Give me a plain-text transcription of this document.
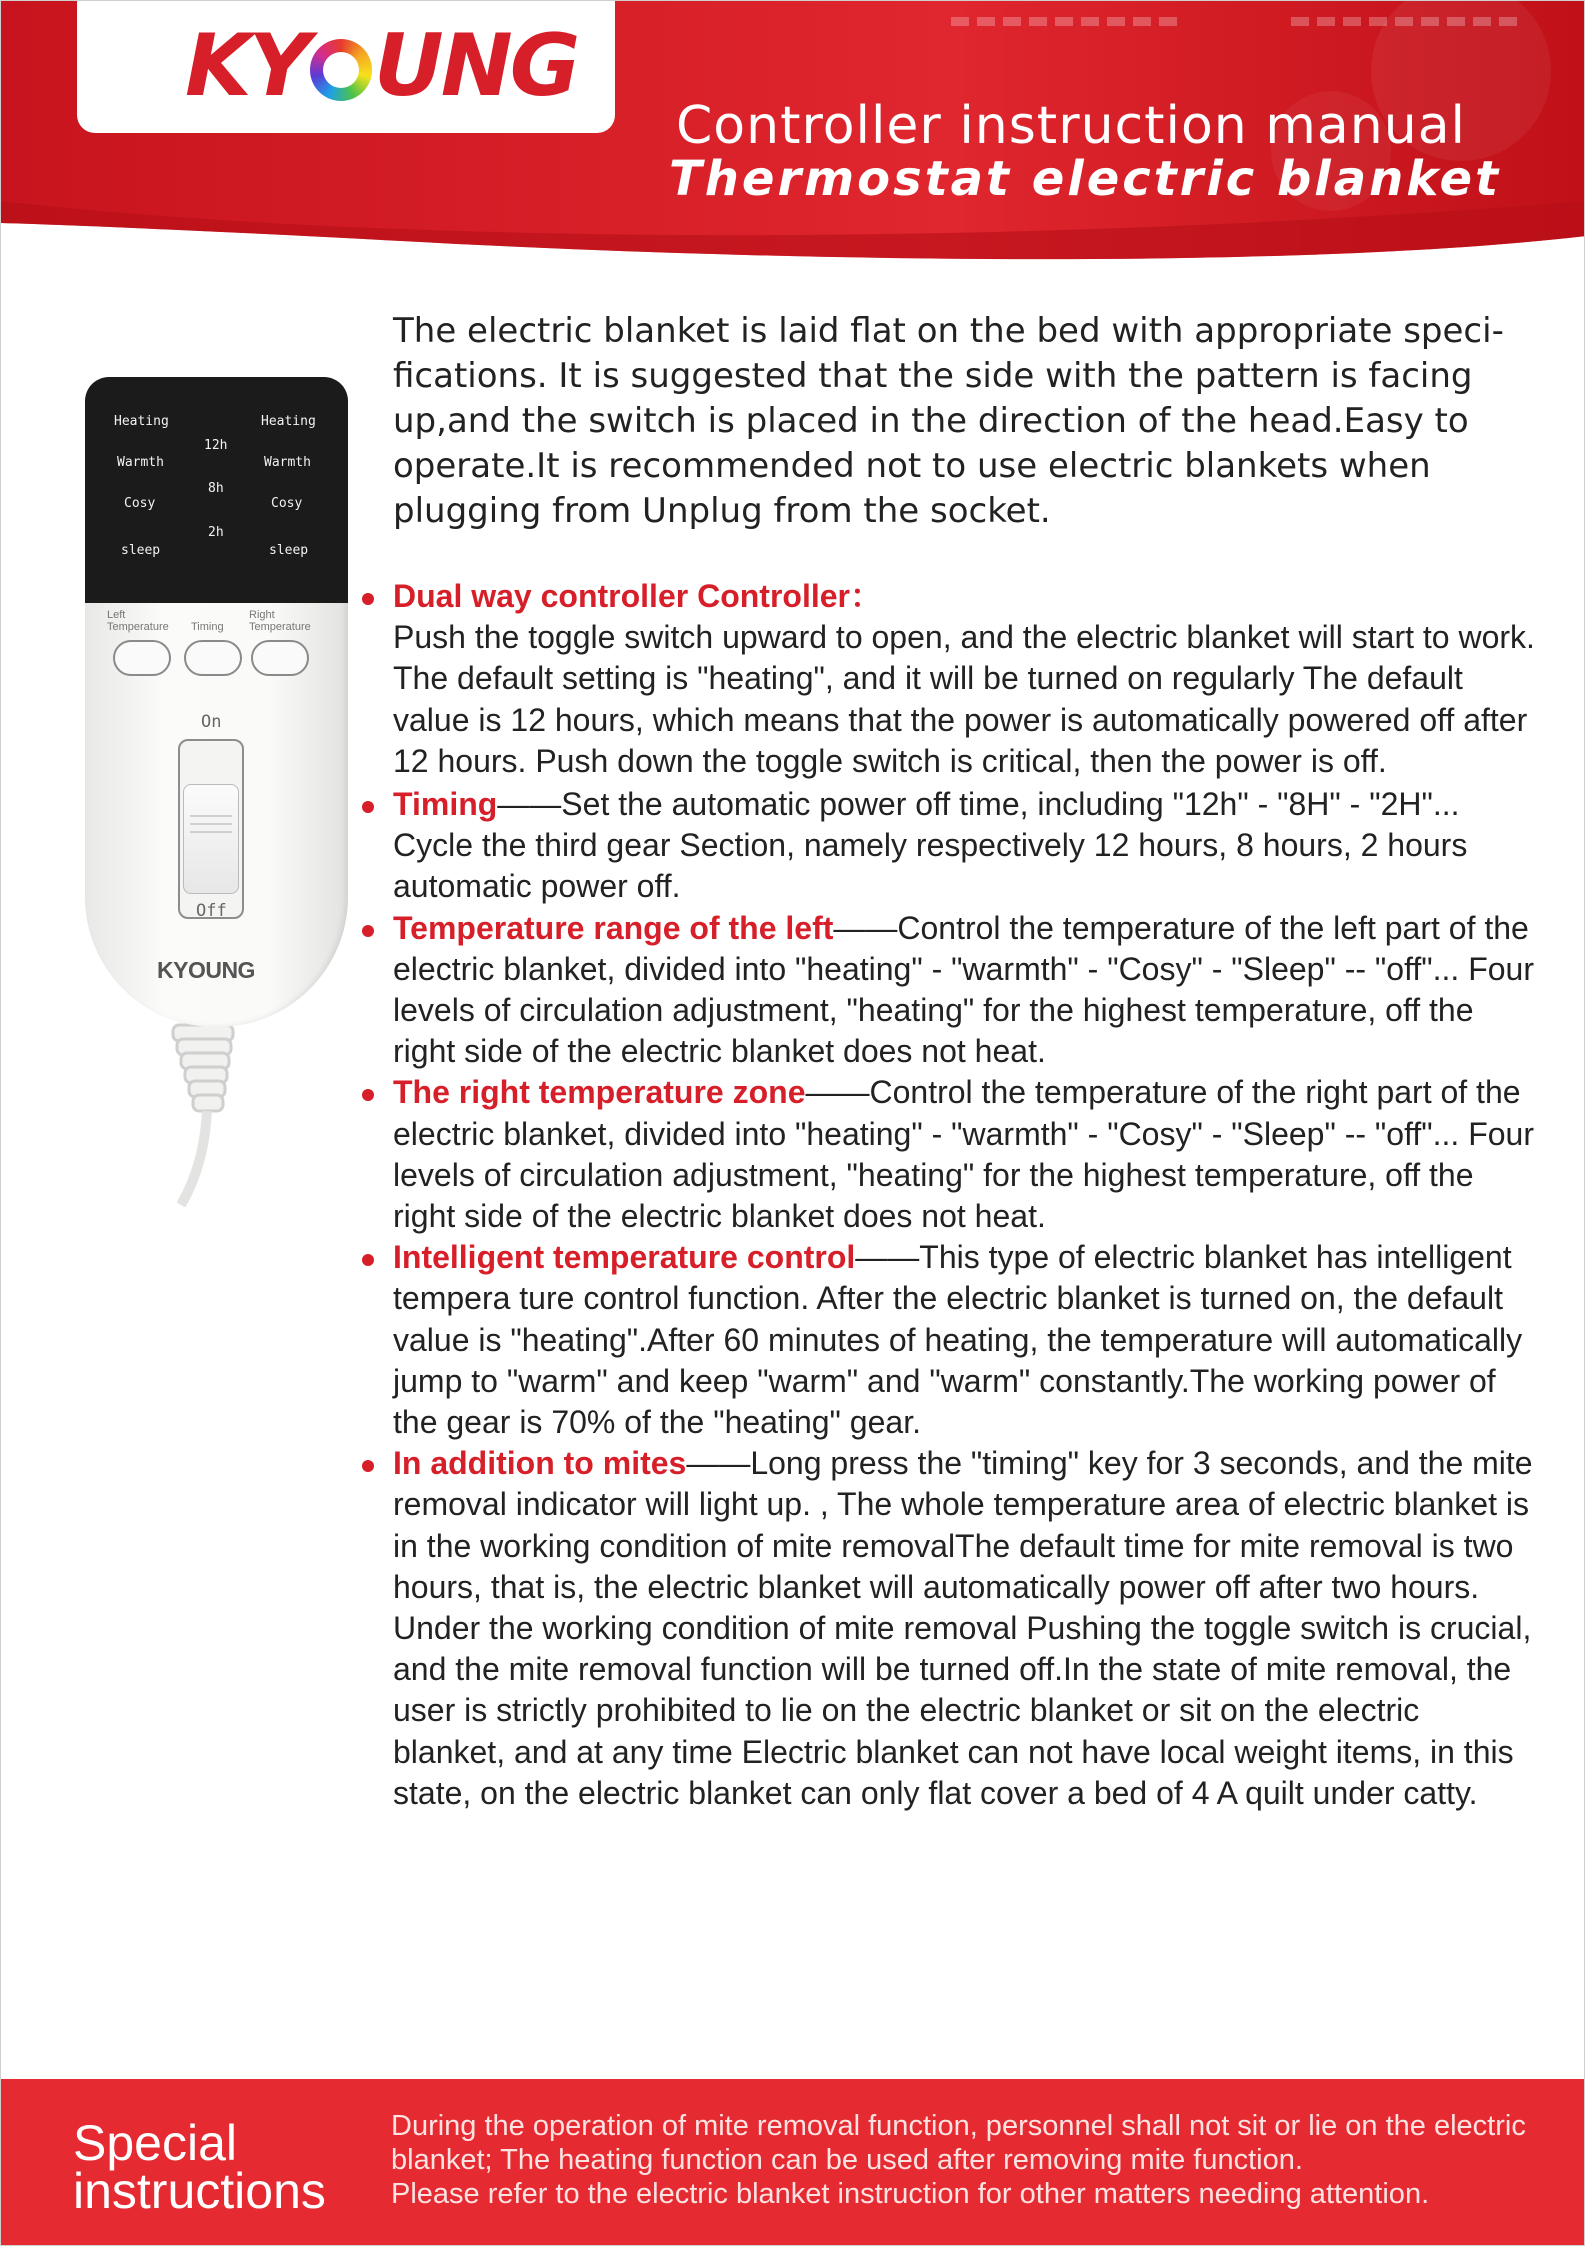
KY UNG
Controller instruction manual
Thermostat electric blanket
The electric blanket is laid flat on the bed with appropriate speci-fications. It is suggested that the side with the pattern is facing up,and the switch is placed in the direction of the head.Easy to operate.It is recommended not to use electric blankets when plugging from Unplug from the socket.
Heating
Warmth
Cosy
sleep
12h
8h
2h
Heating
Warmth
Cosy
sleep
Left Temperature Timing
Right Temperature
On
Off
KYOUNG
Dual way controller Controller：
Push the toggle switch upward to open, and the electric blanket will start to work. The default setting is "heating", and it will be turned on regularly The default value is 12 hours, which means that the power is automatically powered off after 12 hours. Push down the toggle switch is critical, then the power is off.
Timing——Set the automatic power off time, including "12h" - "8H" - "2H"... Cycle the third gear Section, namely respectively 12 hours, 8 hours, 2 hours automatic power off.
Temperature range of the left——Control the temperature of the left part of the electric blanket, divided into "heating" - "warmth" - "Cosy" - "Sleep" -- "off"... Four levels of circulation adjustment, "heating" for the highest temperature, off the right side of the electric blanket does not heat.
The right temperature zone——Control the temperature of the right part of the electric blanket, divided into "heating" - "warmth" - "Cosy" - "Sleep" -- "off"... Four levels of circulation adjustment, "heating" for the highest temperature, off the right side of the electric blanket does not heat.
Intelligent temperature control——This type of electric blanket has intelligent tempera ture control function. After the electric blanket is turned on, the default value is "heating".After 60 minutes of heating, the temperature will automatically jump to "warm" and keep "warm" and "warm" constantly.The working power of the gear is 70% of the "heating" gear.
In addition to mites——Long press the "timing" key for 3 seconds, and the mite removal indicator will light up. , The whole temperature area of electric blanket is in the working condition of mite removalThe default time for mite removal is two hours, that is, the electric blanket will automatically power off after two hours. Under the working condition of mite removal Pushing the toggle switch is crucial, and the mite removal function will be turned off.In the state of mite removal, the user is strictly prohibited to lie on the electric blanket or sit on the electric blanket, and at any time Electric blanket can not have local weight items, in this state, on the electric blanket can only flat cover a bed of 4 A quilt under catty.
Special
instructions
During the operation of mite removal function, personnel shall not sit or lie on the electric blanket; The heating function can be used after removing mite function.
Please refer to the electric blanket instruction for other matters needing attention.
